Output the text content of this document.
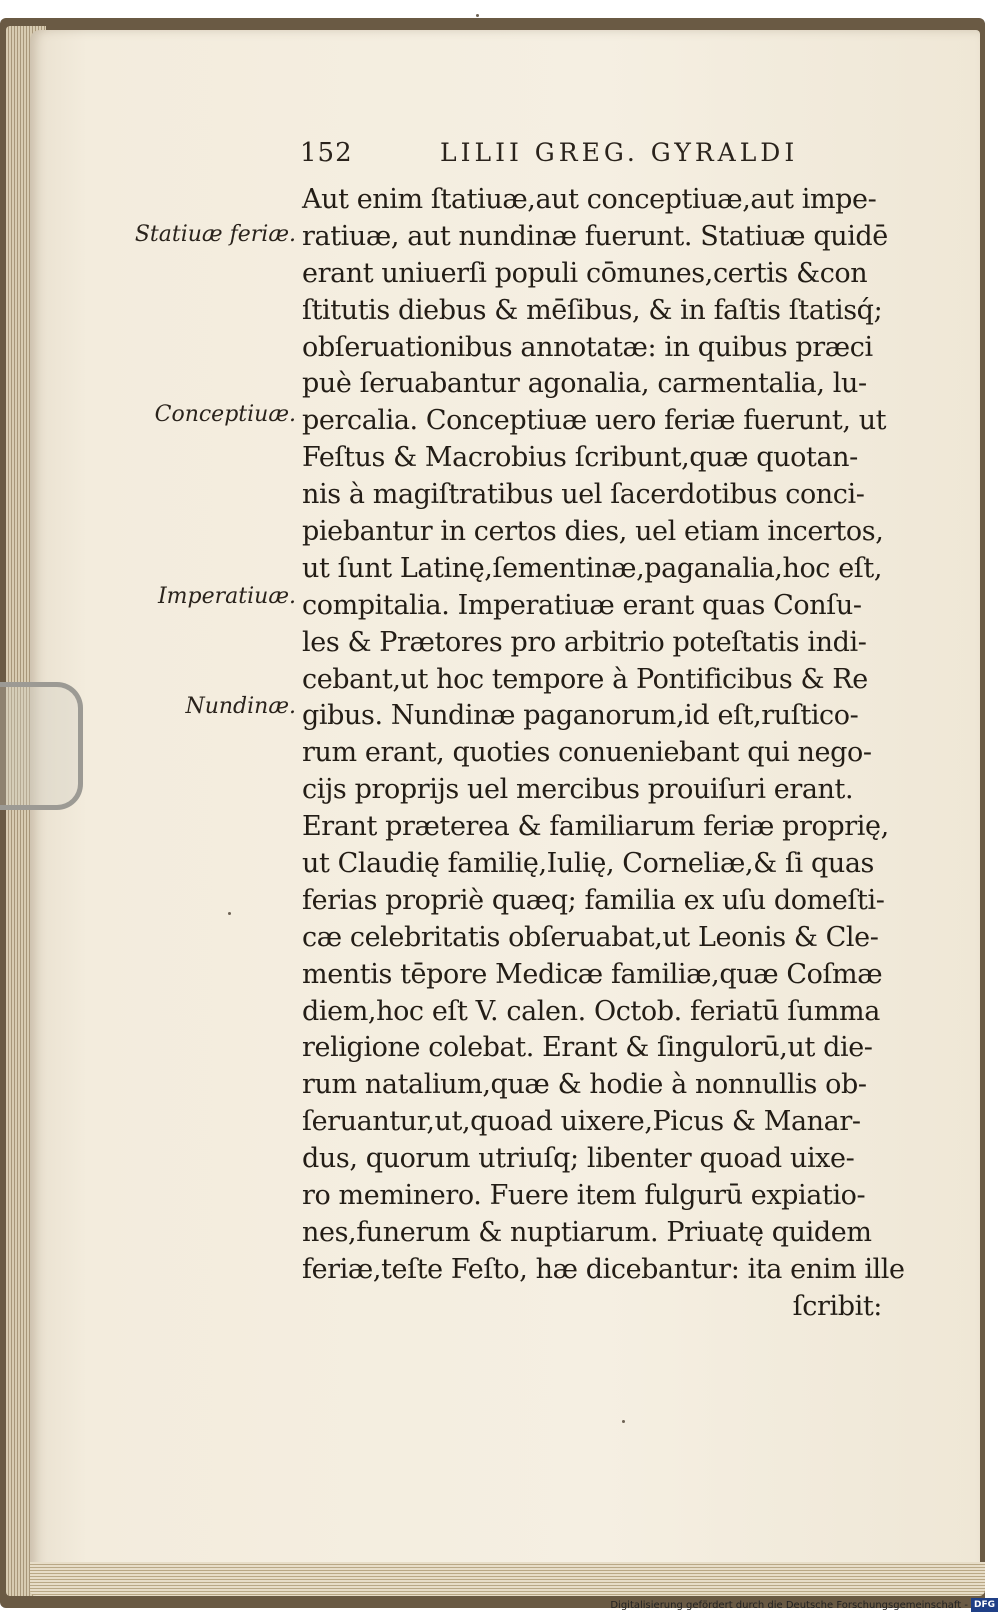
152	LILII GREG. GYRALDI
Statiuæ feriæ.
Conceptiuæ.
Imperatiuæ.
Nundinæ.
Aut enim ſtatiuæ,aut conceptiuæ,aut impe-
ratiuæ, aut nundinæ fuerunt. Statiuæ quidē
erant uniuerſi populi cōmunes,certis &con
ſtitutis diebus & mēſibus, & in faſtis ſtatisq́;
obſeruationibus annotatæ: in quibus præci
puè ſeruabantur agonalia, carmentalia, lu-
percalia. Conceptiuæ uero feriæ fuerunt, ut
Feſtus & Macrobius ſcribunt,quæ quotan-
nis à magiſtratibus uel ſacerdotibus conci-
piebantur in certos dies, uel etiam incertos,
ut ſunt Latinę,ſementinæ,paganalia,hoc eſt,
compitalia. Imperatiuæ erant quas Conſu-
les & Prætores pro arbitrio poteſtatis indi-
cebant,ut hoc tempore à Pontificibus & Re
gibus. Nundinæ paganorum,id eſt,ruſtico-
rum erant, quoties conueniebant qui nego-
cijs proprijs uel mercibus prouiſuri erant.
Erant præterea & familiarum feriæ proprię,
ut Claudię familię,Iulię, Corneliæ,& ſi quas
ferias propriè quæq; familia ex uſu domeſti-
cæ celebritatis obſeruabat,ut Leonis & Cle-
mentis tēpore Medicæ familiæ,quæ Coſmæ
diem,hoc eſt V. calen. Octob. feriatū ſumma
religione colebat. Erant & ſingulorū,ut die-
rum natalium,quæ & hodie à nonnullis ob-
ſeruantur,ut,quoad uixere,Picus & Manar-
dus, quorum utriuſq; libenter quoad uixe-
ro meminero. Fuere item fulgurū expiatio-
nes,funerum & nuptiarum. Priuatę quidem
feriæ,teſte Feſto, hæ dicebantur: ita enim ille
ſcribit:
Digitalisierung gefördert durch die Deutsche Forschungsgemeinschaft - DFG
